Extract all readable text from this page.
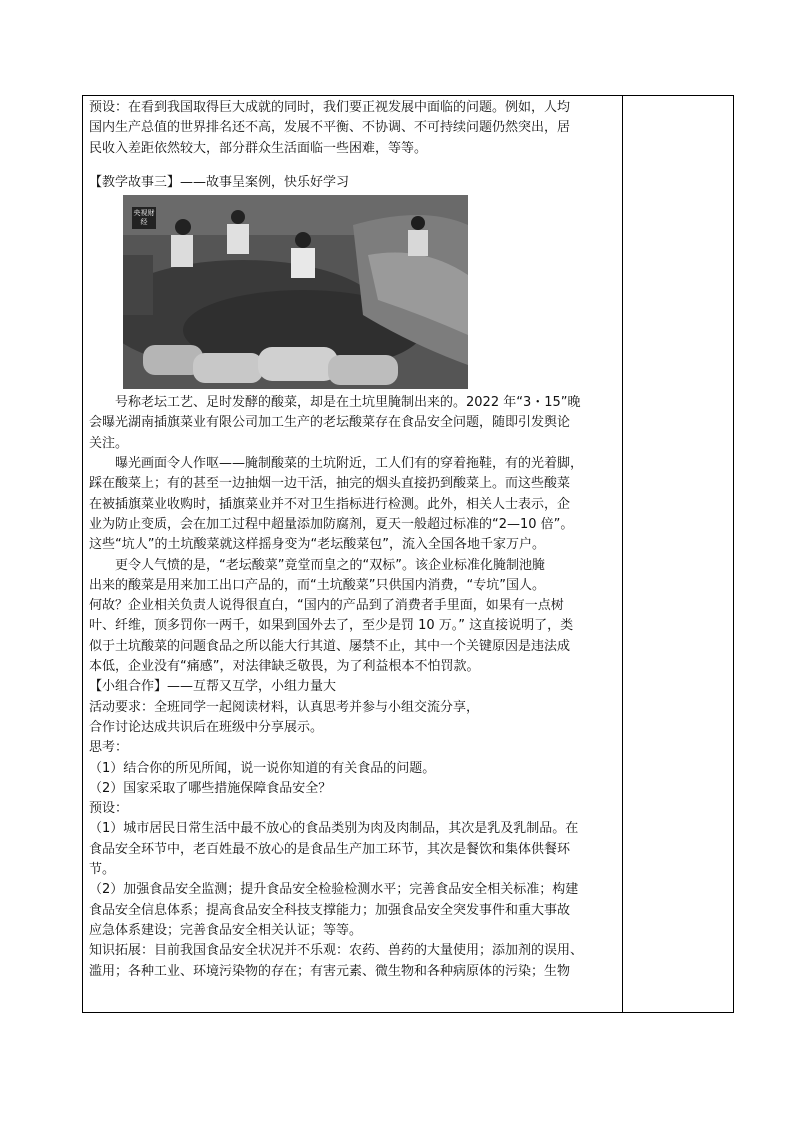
预设：在看到我国取得巨大成就的同时，我们要正视发展中面临的问题。例如，人均
国内生产总值的世界排名还不高，发展不平衡、不协调、不可持续问题仍然突出，居
民收入差距依然较大，部分群众生活面临一些困难，等等。
【教学故事三】——故事呈案例，快乐好学习
央视财经
号称老坛工艺、足时发酵的酸菜，却是在土坑里腌制出来的。2022 年“3・15”晚
会曝光湖南插旗菜业有限公司加工生产的老坛酸菜存在食品安全问题，随即引发舆论
关注。
曝光画面令人作呕——腌制酸菜的土坑附近，工人们有的穿着拖鞋，有的光着脚，
踩在酸菜上；有的甚至一边抽烟一边干活，抽完的烟头直接扔到酸菜上。而这些酸菜
在被插旗菜业收购时，插旗菜业并不对卫生指标进行检测。此外，相关人士表示，企
业为防止变质，会在加工过程中超量添加防腐剂，夏天一般超过标准的“2—10 倍”。
这些“坑人”的土坑酸菜就这样摇身变为“老坛酸菜包”，流入全国各地千家万户。
更令人气愤的是，“老坛酸菜”竟堂而皇之的“双标”。该企业标准化腌制池腌
出来的酸菜是用来加工出口产品的，而“土坑酸菜”只供国内消费，“专坑”国人。
何故？企业相关负责人说得很直白，“国内的产品到了消费者手里面，如果有一点树
叶、纤维，顶多罚你一两千，如果到国外去了，至少是罚 10 万。” 这直接说明了，类
似于土坑酸菜的问题食品之所以能大行其道、屡禁不止，其中一个关键原因是违法成
本低，企业没有“痛感”，对法律缺乏敬畏，为了利益根本不怕罚款。
【小组合作】——互帮又互学，小组力量大
活动要求：全班同学一起阅读材料，认真思考并参与小组交流分享，
合作讨论达成共识后在班级中分享展示。
思考：
（1）结合你的所见所闻，说一说你知道的有关食品的问题。
（2）国家采取了哪些措施保障食品安全？
预设：
（1）城市居民日常生活中最不放心的食品类别为肉及肉制品，其次是乳及乳制品。在
食品安全环节中，老百姓最不放心的是食品生产加工环节，其次是餐饮和集体供餐环
节。
（2）加强食品安全监测；提升食品安全检验检测水平；完善食品安全相关标准；构建
食品安全信息体系；提高食品安全科技支撑能力；加强食品安全突发事件和重大事故
应急体系建设；完善食品安全相关认证；等等。
知识拓展：目前我国食品安全状况并不乐观：农药、兽药的大量使用；添加剂的误用、
滥用；各种工业、环境污染物的存在；有害元素、微生物和各种病原体的污染；生物
